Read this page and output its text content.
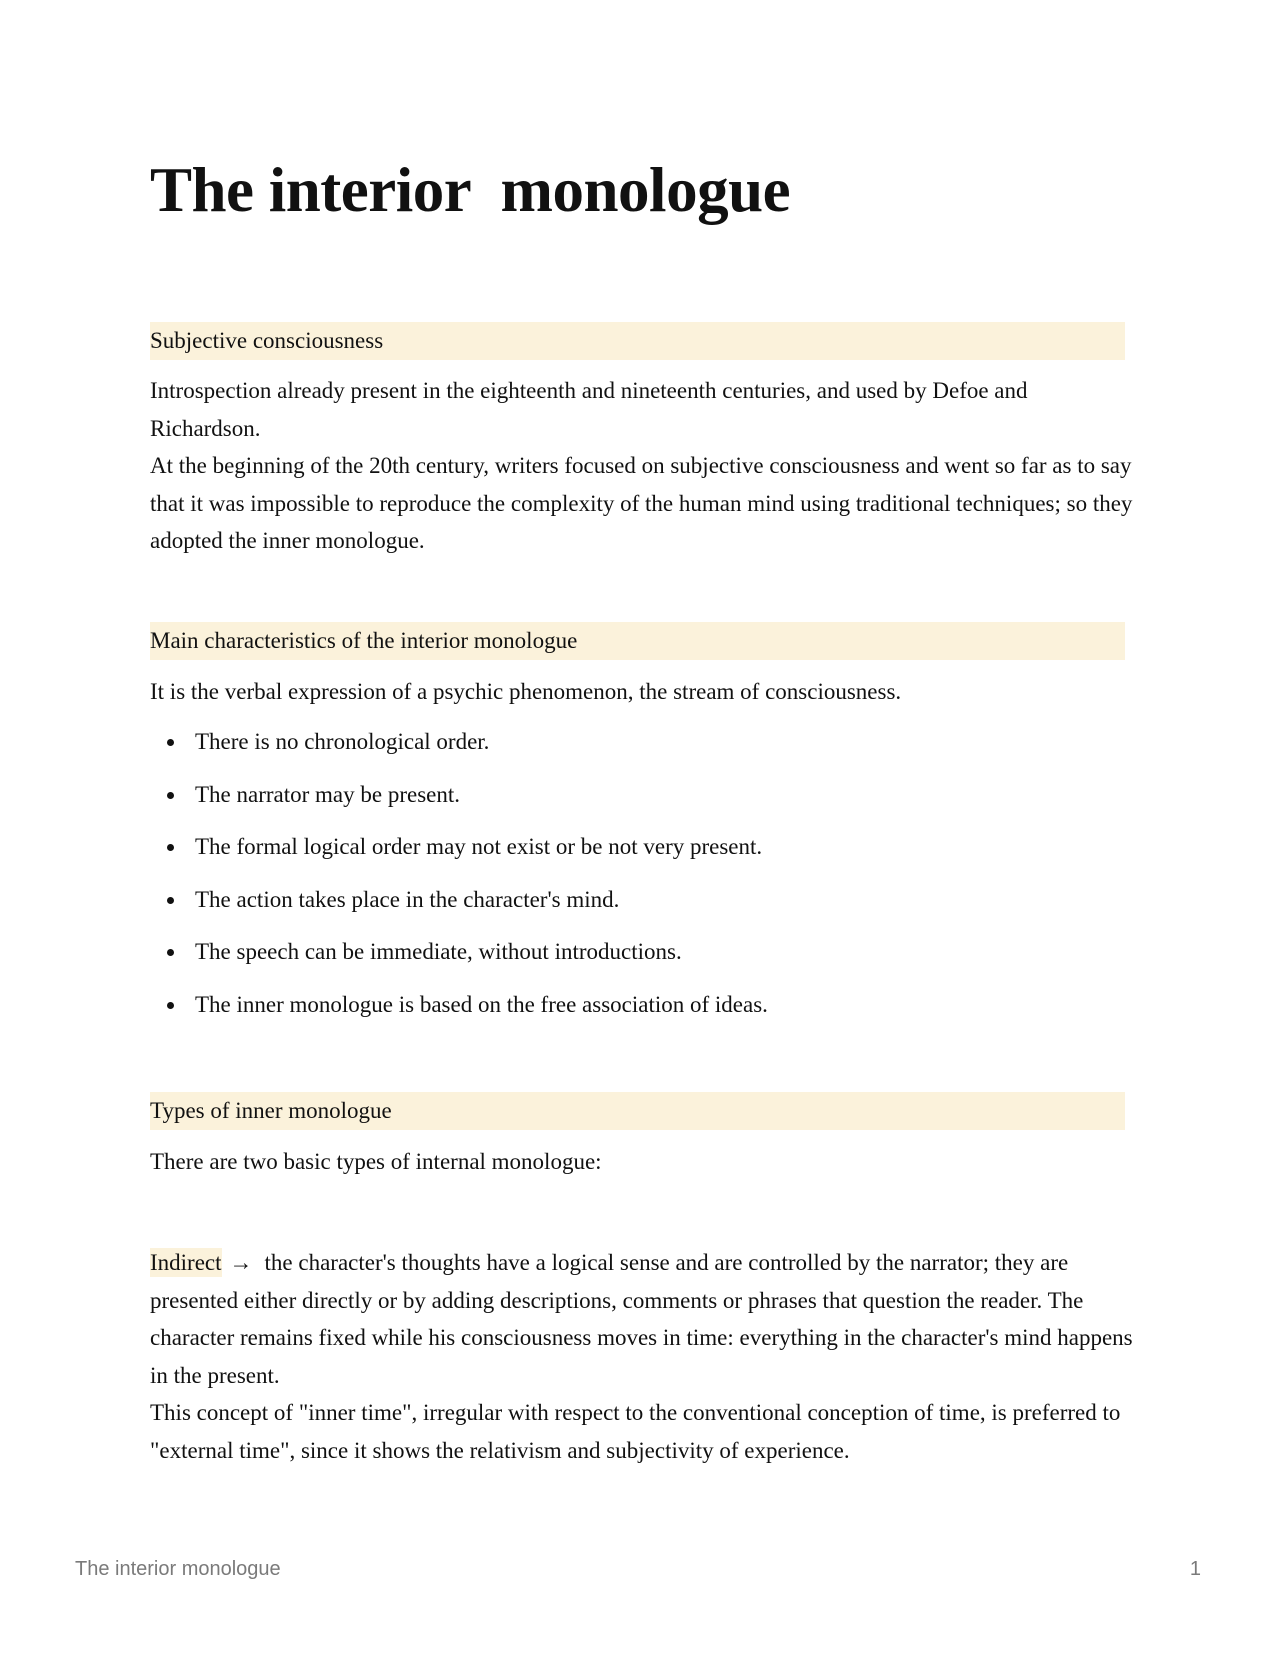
The interior  monologue
Subjective consciousness

Introspection already present in the eighteenth and nineteenth centuries, and used by Defoe and Richardson.

At the beginning of the 20th century, writers focused on subjective consciousness and went so far as to say that it was impossible to reproduce the complexity of the human mind using traditional techniques; so they adopted the inner monologue.

Main characteristics of the interior monologue

It is the verbal expression of a psychic phenomenon, the stream of consciousness.

There is no chronological order.
The narrator may be present.
The formal logical order may not exist or be not very present.
The action takes place in the character's mind.
The speech can be immediate, without introductions.
The inner monologue is based on the free association of ideas.
Types of inner monologue

There are two basic types of internal monologue:

Indirect → the character's thoughts have a logical sense and are controlled by the narrator; they are presented either directly or by adding descriptions, comments or phrases that question the reader. The character remains fixed while his consciousness moves in time: everything in the character's mind happens in the present.

This concept of "inner time", irregular with respect to the conventional conception of time, is preferred to "external time", since it shows the relativism and subjectivity of experience.

The interior monologue	1
